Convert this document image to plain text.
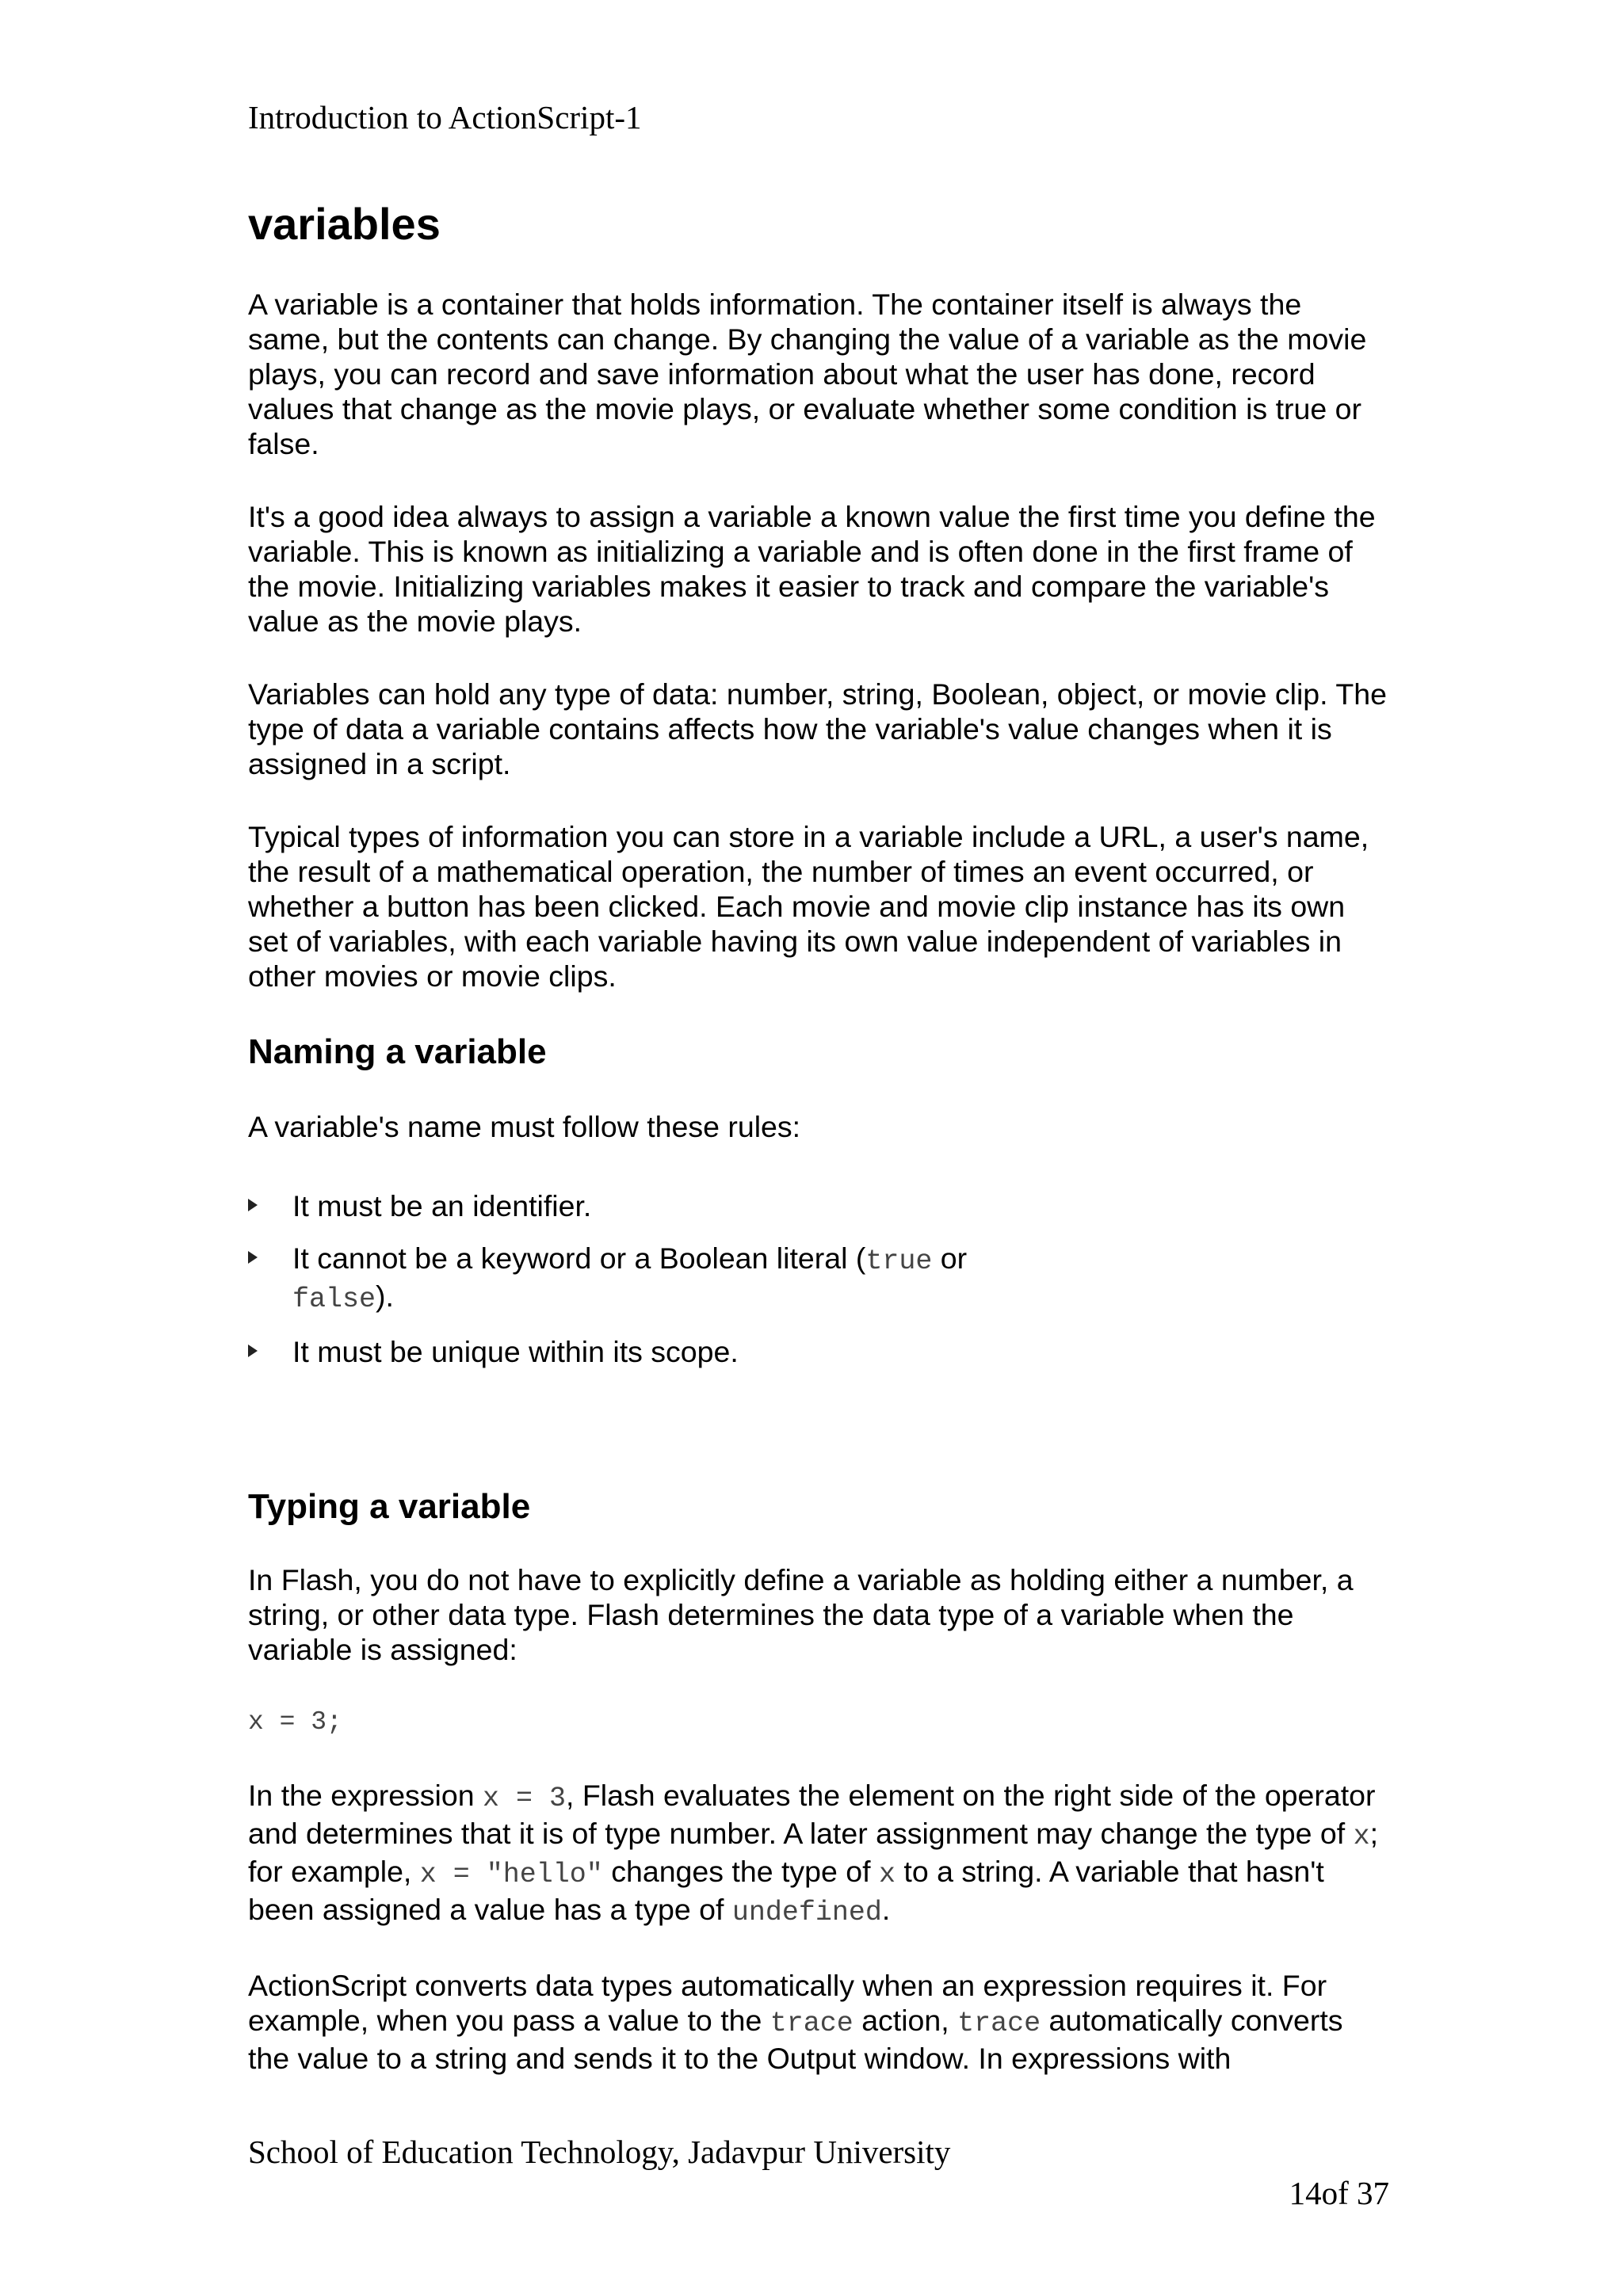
Introduction to ActionScript-1
variables

A variable is a container that holds information. The container itself is always the same, but the contents can change. By changing the value of a variable as the movie plays, you can record and save information about what the user has done, record values that change as the movie plays, or evaluate whether some condition is true or false.

It's a good idea always to assign a variable a known value the first time you define the variable. This is known as initializing a variable and is often done in the first frame of the movie. Initializing variables makes it easier to track and compare the variable's value as the movie plays.

Variables can hold any type of data: number, string, Boolean, object, or movie clip. The type of data a variable contains affects how the variable's value changes when it is assigned in a script.

Typical types of information you can store in a variable include a URL, a user's name, the result of a mathematical operation, the number of times an event occurred, or whether a button has been clicked. Each movie and movie clip instance has its own set of variables, with each variable having its own value independent of variables in other movies or movie clips.

Naming a variable

A variable's name must follow these rules:

It must be an identifier.
It cannot be a keyword or a Boolean literal (true or false).
It must be unique within its scope.
Typing a variable

In Flash, you do not have to explicitly define a variable as holding either a number, a string, or other data type. Flash determines the data type of a variable when the variable is assigned:

x = 3;

In the expression x = 3, Flash evaluates the element on the right side of the operator and determines that it is of type number. A later assignment may change the type of x; for example, x = "hello" changes the type of x to a string. A variable that hasn't been assigned a value has a type of undefined.

ActionScript converts data types automatically when an expression requires it. For example, when you pass a value to the trace action, trace automatically converts the value to a string and sends it to the Output window. In expressions with

School of Education Technology, Jadavpur University
14of 37
